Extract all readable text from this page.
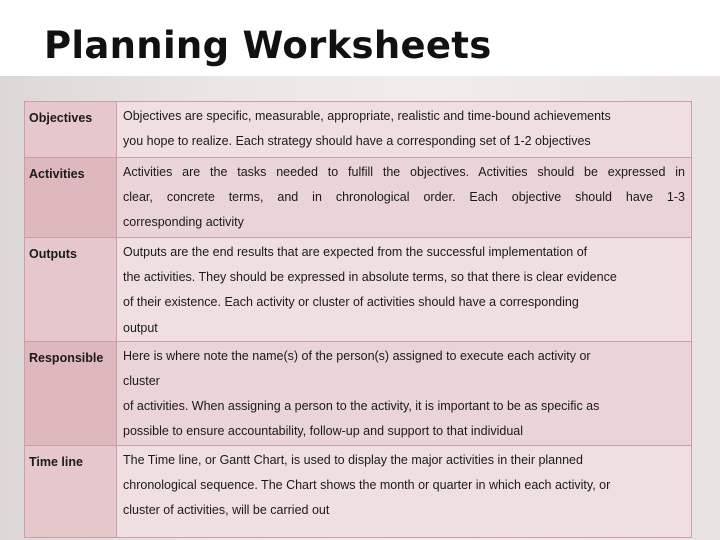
Planning Worksheets
Objectives	Objectives are specific, measurable, appropriate, realistic and time-bound achievements
you hope to realize. Each strategy should have a corresponding set of 1-2 objectives

Activities	Activities are the tasks needed to fulfill the objectives. Activities should be expressed in
clear, concrete terms, and in chronological order. Each objective should have 1-3
corresponding activity

Outputs	Outputs are the end results that are expected from the successful implementation of
the activities. They should be expressed in absolute terms, so that there is clear evidence
of their existence. Each activity or cluster of activities should have a corresponding
output

Responsible	Here is where note the name(s) of the person(s) assigned to execute each activity or
cluster
of activities. When assigning a person to the activity, it is important to be as specific as
possible to ensure accountability, follow-up and support to that individual

Time line	The Time line, or Gantt Chart, is used to display the major activities in their planned
chronological sequence. The Chart shows the month or quarter in which each activity, or
cluster of activities, will be carried out
